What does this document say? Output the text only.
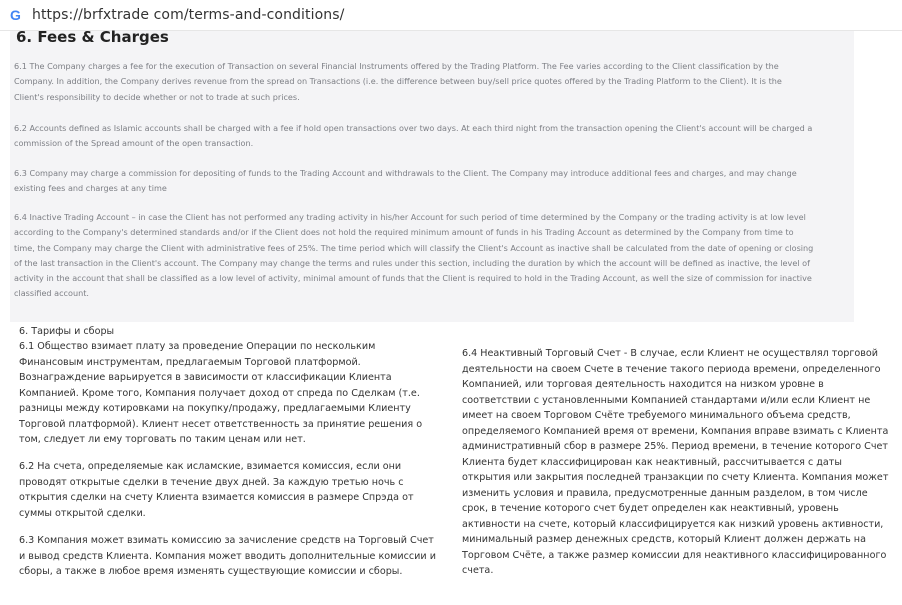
G https://brfxtrade com/terms-and-conditions/
6. Fees & Charges

6.1 The Company charges a fee for the execution of Transaction on several Financial Instruments offered by the Trading Platform. The Fee varies according to the Client classification by the Company. In addition, the Company derives revenue from the spread on Transactions (i.e. the difference between buy/sell price quotes offered by the Trading Platform to the Client). It is the Client's responsibility to decide whether or not to trade at such prices.

6.2 Accounts defined as Islamic accounts shall be charged with a fee if hold open transactions over two days. At each third night from the transaction opening the Client's account will be charged a commission of the Spread amount of the open transaction.

6.3 Company may charge a commission for depositing of funds to the Trading Account and withdrawals to the Client. The Company may introduce additional fees and charges, and may change existing fees and charges at any time

6.4 Inactive Trading Account – in case the Client has not performed any trading activity in his/her Account for such period of time determined by the Company or the trading activity is at low level according to the Company's determined standards and/or if the Client does not hold the required minimum amount of funds in his Trading Account as determined by the Company from time to time, the Company may charge the Client with administrative fees of 25%. The time period which will classify the Client's Account as inactive shall be calculated from the date of opening or closing of the last transaction in the Client's account. The Company may change the terms and rules under this section, including the duration by which the account will be defined as inactive, the level of activity in the account that shall be classified as a low level of activity, minimal amount of funds that the Client is required to hold in the Trading Account, as well the size of commission for inactive classified account.

6. Тарифы и сборы

6.1 Общество взимает плату за проведение Операции по нескольким Финансовым инструментам, предлагаемым Торговой платформой. Вознаграждение варьируется в зависимости от классификации Клиента Компанией. Кроме того, Компания получает доход от спреда по Сделкам (т.е. разницы между котировками на покупку/продажу, предлагаемыми Клиенту Торговой платформой). Клиент несет ответственность за принятие решения о том, следует ли ему торговать по таким ценам или нет.

6.2 На счета, определяемые как исламские, взимается комиссия, если они проводят открытые сделки в течение двух дней. За каждую третью ночь с открытия сделки на счету Клиента взимается комиссия в размере Спрэда от суммы открытой сделки.

6.3 Компания может взимать комиссию за зачисление средств на Торговый Счет и вывод средств Клиента. Компания может вводить дополнительные комиссии и сборы, а также в любое время изменять существующие комиссии и сборы.

6.4 Неактивный Торговый Счет - В случае, если Клиент не осуществлял торговой деятельности на своем Счете в течение такого периода времени, определенного Компанией, или торговая деятельность находится на низком уровне в соответствии с установленными Компанией стандартами и/или если Клиент не имеет на своем Торговом Счёте требуемого минимального объема средств, определяемого Компанией время от времени, Компания вправе взимать с Клиента административный сбор в размере 25%. Период времени, в течение которого Счет Клиента будет классифицирован как неактивный, рассчитывается с даты открытия или закрытия последней транзакции по счету Клиента. Компания может изменить условия и правила, предусмотренные данным разделом, в том числе срок, в течение которого счет будет определен как неактивный, уровень активности на счете, который классифицируется как низкий уровень активности, минимальный размер денежных средств, который Клиент должен держать на Торговом Счёте, а также размер комиссии для неактивного классифицированного счета.
